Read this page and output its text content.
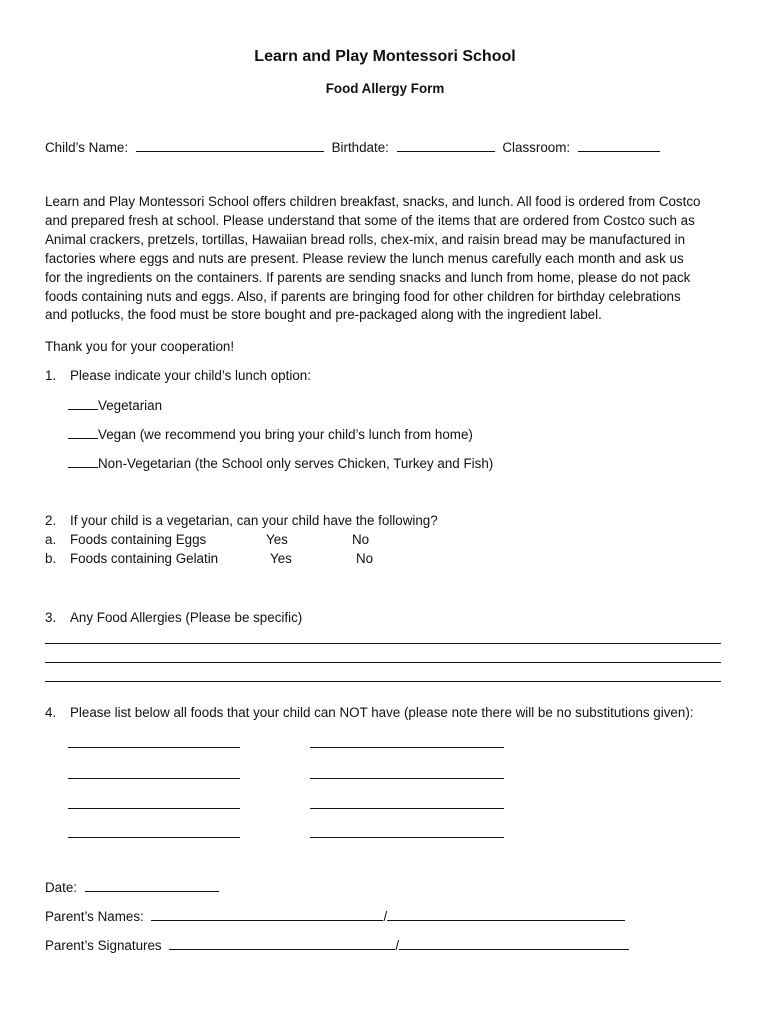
Learn and Play Montessori School
Food Allergy Form
Child’s Name:	Birthdate:	Classroom:
Learn and Play Montessori School offers children breakfast, snacks, and lunch. All food is ordered from Costco
and prepared fresh at school. Please understand that some of the items that are ordered from Costco such as
Animal crackers, pretzels, tortillas, Hawaiian bread rolls, chex-mix, and raisin bread may be manufactured in
factories where eggs and nuts are present. Please review the lunch menus carefully each month and ask us
for the ingredients on the containers. If parents are sending snacks and lunch from home, please do not pack
foods containing nuts and eggs. Also, if parents are bringing food for other children for birthday celebrations
and potlucks, the food must be store bought and pre-packaged along with the ingredient label.
Thank you for your cooperation!
1. Please indicate your child’s lunch option:
Vegetarian
Vegan (we recommend you bring your child’s lunch from home)
Non-Vegetarian (the School only serves Chicken, Turkey and Fish)
2. If your child is a vegetarian, can your child have the following?
a. Foods containing Eggs	Yes	No
b. Foods containing Gelatin	Yes	No
3. Any Food Allergies (Please be specific)
4. Please list below all foods that your child can NOT have (please note there will be no substitutions given):
Date:
Parent’s Names:	/
Parent’s Signatures	/
